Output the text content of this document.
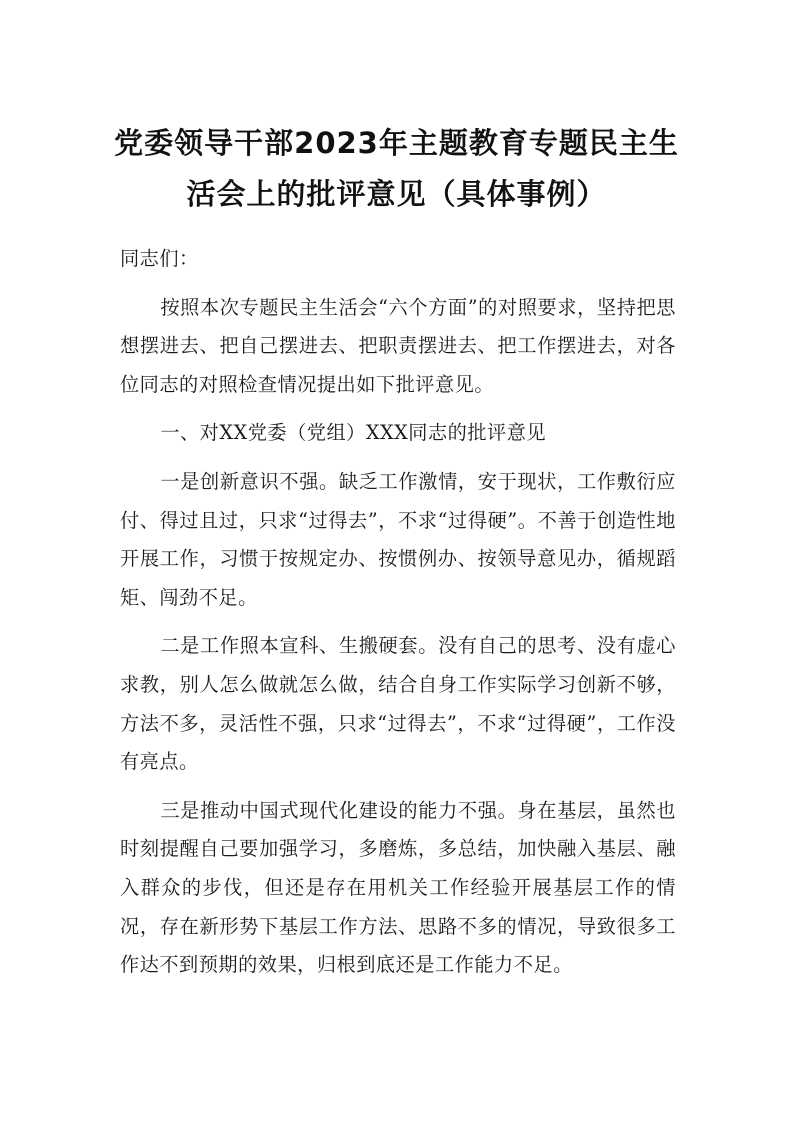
党委领导干部2023年主题教育专题民主生
活会上的批评意见（具体事例）

同志们：

按照本次专题民主生活会“六个方面”的对照要求，坚持把思想摆进去、把自己摆进去、把职责摆进去、把工作摆进去，对各位同志的对照检查情况提出如下批评意见。

一、对XX党委（党组）XXX同志的批评意见

一是创新意识不强。缺乏工作激情，安于现状，工作敷衍应付、得过且过，只求“过得去”，不求“过得硬”。不善于创造性地开展工作，习惯于按规定办、按惯例办、按领导意见办，循规蹈矩、闯劲不足。

二是工作照本宣科、生搬硬套。没有自己的思考、没有虚心求教，别人怎么做就怎么做，结合自身工作实际学习创新不够，方法不多，灵活性不强，只求“过得去”，不求“过得硬”，工作没有亮点。

三是推动中国式现代化建设的能力不强。身在基层，虽然也时刻提醒自己要加强学习，多磨炼，多总结，加快融入基层、融入群众的步伐，但还是存在用机关工作经验开展基层工作的情况，存在新形势下基层工作方法、思路不多的情况，导致很多工作达不到预期的效果，归根到底还是工作能力不足。
